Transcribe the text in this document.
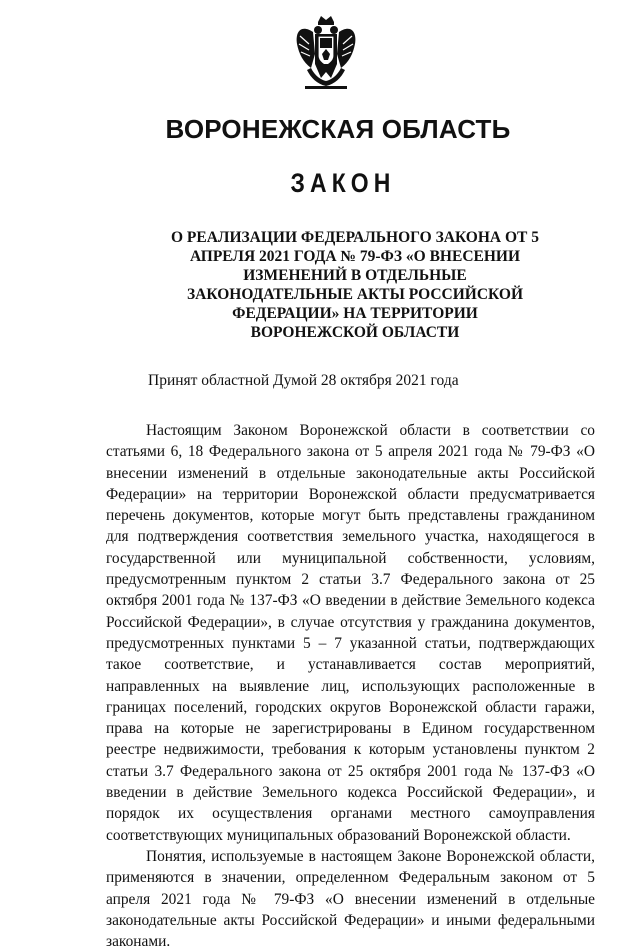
ВОРОНЕЖСКАЯ ОБЛАСТЬ
ЗАКОН
О РЕАЛИЗАЦИИ ФЕДЕРАЛЬНОГО ЗАКОНА ОТ 5
АПРЕЛЯ 2021 ГОДА № 79-ФЗ «О ВНЕСЕНИИ
ИЗМЕНЕНИЙ В ОТДЕЛЬНЫЕ
ЗАКОНОДАТЕЛЬНЫЕ АКТЫ РОССИЙСКОЙ
ФЕДЕРАЦИИ» НА ТЕРРИТОРИИ
ВОРОНЕЖСКОЙ ОБЛАСТИ
Принят областной Думой 28 октября 2021 года

Настоящим Законом Воронежской области в соответствии со статьями 6, 18 Федерального закона от 5 апреля 2021 года № 79-ФЗ «О внесении изменений в отдельные законодательные акты Российской Федерации» на территории Воронежской области предусматривается перечень документов, которые могут быть представлены гражданином для подтверждения соответствия земельного участка, находящегося в государственной или муниципальной собственности, условиям, предусмотренным пунктом 2 статьи 3.7 Федерального закона от 25 октября 2001 года № 137-ФЗ «О введении в действие Земельного кодекса Российской Федерации», в случае отсутствия у гражданина документов, предусмотренных пунктами 5 – 7 указанной статьи, подтверждающих такое соответствие, и устанавливается состав мероприятий, направленных на выявление лиц, использующих расположенные в границах поселений, городских округов Воронежской области гаражи, права на которые не зарегистрированы в Едином государственном реестре недвижимости, требования к которым установлены пунктом 2 статьи 3.7 Федерального закона от 25 октября 2001 года № 137-ФЗ «О введении в действие Земельного кодекса Российской Федерации», и порядок их осуществления органами местного самоуправления соответствующих муниципальных образований Воронежской области.

Понятия, используемые в настоящем Законе Воронежской области, применяются в значении, определенном Федеральным законом от 5 апреля 2021 года № 79-ФЗ «О внесении изменений в отдельные законодательные акты Российской Федерации» и иными федеральными законами.
